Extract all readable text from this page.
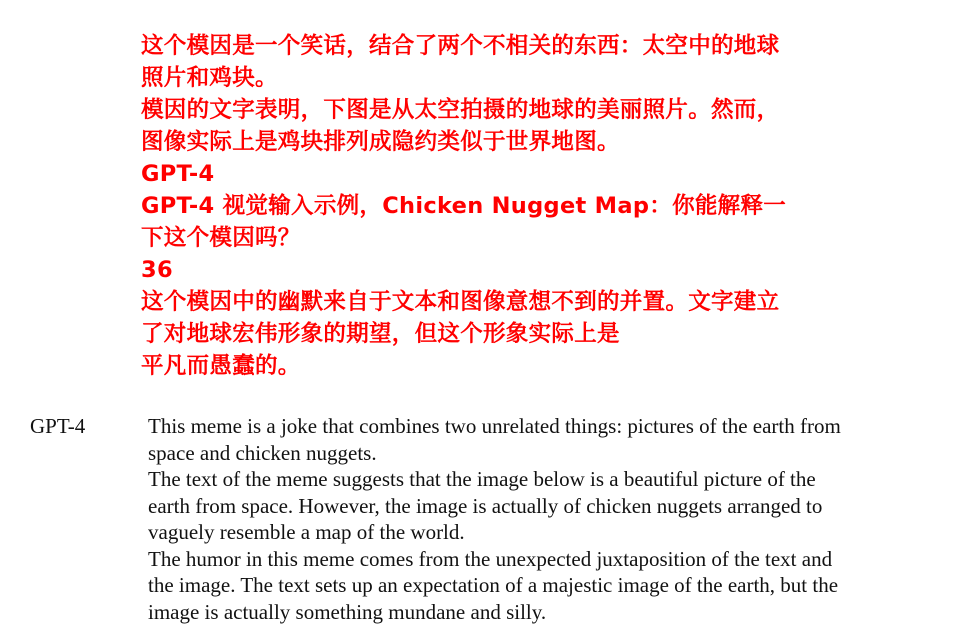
这个模因是一个笑话，结合了两个不相关的东西：太空中的地球
照片和鸡块。
模因的文字表明，下图是从太空拍摄的地球的美丽照片。然而，
图像实际上是鸡块排列成隐约类似于世界地图。
GPT-4
GPT-4 视觉输入示例，Chicken Nugget Map：你能解释一
下这个模因吗？
36
这个模因中的幽默来自于文本和图像意想不到的并置。文字建立
了对地球宏伟形象的期望，但这个形象实际上是
平凡而愚蠢的。
GPT-4	This meme is a joke that combines two unrelated things: pictures of the earth from
space and chicken nuggets.
The text of the meme suggests that the image below is a beautiful picture of the
earth from space. However, the image is actually of chicken nuggets arranged to
vaguely resemble a map of the world.
The humor in this meme comes from the unexpected juxtaposition of the text and
the image. The text sets up an expectation of a majestic image of the earth, but the
image is actually something mundane and silly.
